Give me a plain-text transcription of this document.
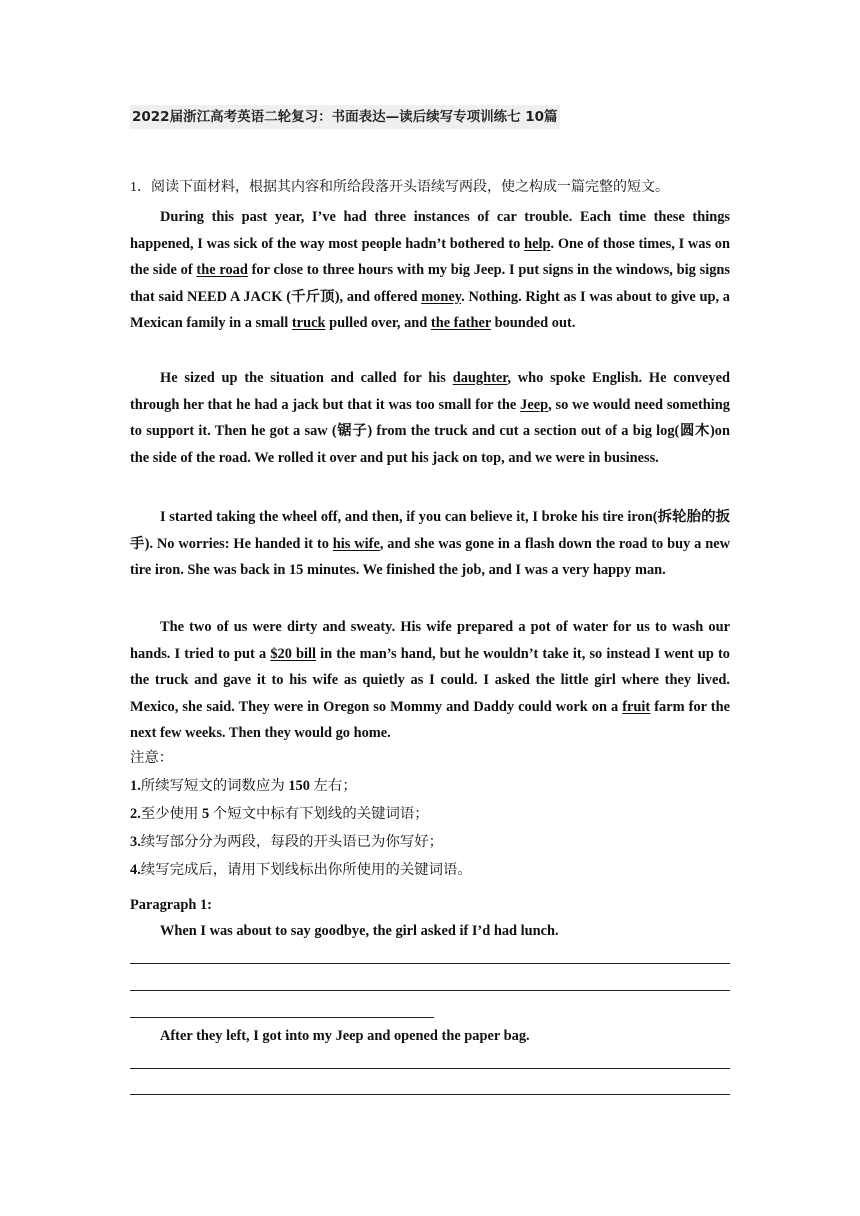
2022届浙江高考英语二轮复习：书面表达—读后续写专项训练七 10篇
1．阅读下面材料，根据其内容和所给段落开头语续写两段，使之构成一篇完整的短文。

During this past year, I’ve had three instances of car trouble. Each time these things happened, I was sick of the way most people hadn’t bothered to help. One of those times, I was on the side of the road for close to three hours with my big Jeep. I put signs in the windows, big signs that said NEED A JACK (千斤顶), and offered money. Nothing. Right as I was about to give up, a Mexican family in a small truck pulled over, and the father bounded out.

He sized up the situation and called for his daughter, who spoke English. He conveyed through her that he had a jack but that it was too small for the Jeep, so we would need something to support it. Then he got a saw (锯子) from the truck and cut a section out of a big log(圆木)on the side of the road. We rolled it over and put his jack on top, and we were in business.

I started taking the wheel off, and then, if you can believe it, I broke his tire iron(拆轮胎的扳手). No worries: He handed it to his wife, and she was gone in a flash down the road to buy a new tire iron. She was back in 15 minutes. We finished the job, and I was a very happy man.

The two of us were dirty and sweaty. His wife prepared a pot of water for us to wash our hands. I tried to put a $20 bill in the man’s hand, but he wouldn’t take it, so instead I went up to the truck and gave it to his wife as quietly as I could. I asked the little girl where they lived. Mexico, she said. They were in Oregon so Mommy and Daddy could work on a fruit farm for the next few weeks. Then they would go home.

注意：
1.所续写短文的词数应为 150 左右；
2.至少使用 5 个短文中标有下划线的关键词语；
3.续写部分分为两段，每段的开头语已为你写好；
4.续写完成后，请用下划线标出你所使用的关键词语。
Paragraph 1:
When I was about to say goodbye, the girl asked if I’d had lunch.
After they left, I got into my Jeep and opened the paper bag.
